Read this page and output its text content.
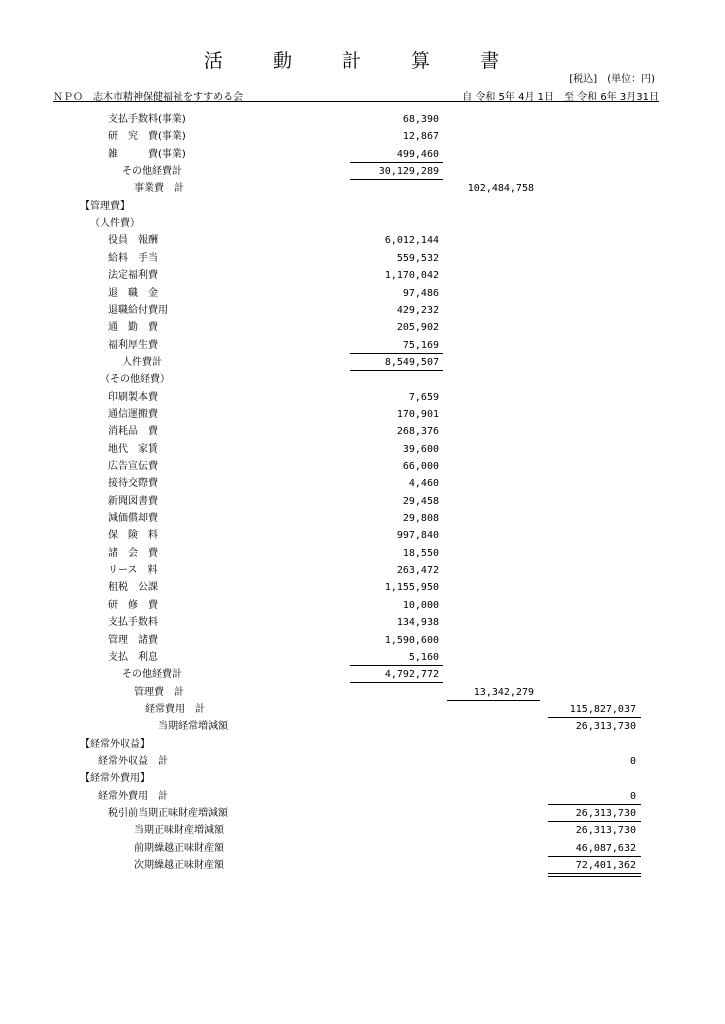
活 動 計 算 書
[税込]　(単位：円)
ＮＰＯ　志木市精神保健福祉をすすめる会	自 令和 5年 4月 1日　至 令和 6年 3月31日
支払手数料(事業)	68,390
研　究　費(事業)	12,867
雑　　　費(事業)	499,460
その他経費計	30,129,289
事業費　計	102,484,758
【管理費】
（人件費）
役員　報酬	6,012,144
給料　手当	559,532
法定福利費	1,170,042
退　職　金	97,486
退職給付費用	429,232
通　勤　費	205,902
福利厚生費	75,169
人件費計	8,549,507
（その他経費）
印刷製本費	7,659
通信運搬費	170,901
消耗品　費	268,376
地代　家賃	39,600
広告宣伝費	66,000
接待交際費	4,460
新聞図書費	29,458
減価償却費	29,808
保　険　料	997,840
諸　会　費	18,550
リース　料	263,472
租税　公課	1,155,950
研　修　費	10,000
支払手数料	134,938
管理　諸費	1,590,600
支払　利息	5,160
その他経費計	4,792,772
管理費　計	13,342,279
経常費用　計	115,827,037
当期経常増減額	26,313,730
【経常外収益】
経常外収益　計	0
【経常外費用】
経常外費用　計	0
税引前当期正味財産増減額	26,313,730
当期正味財産増減額	26,313,730
前期繰越正味財産額	46,087,632
次期繰越正味財産額	72,401,362
